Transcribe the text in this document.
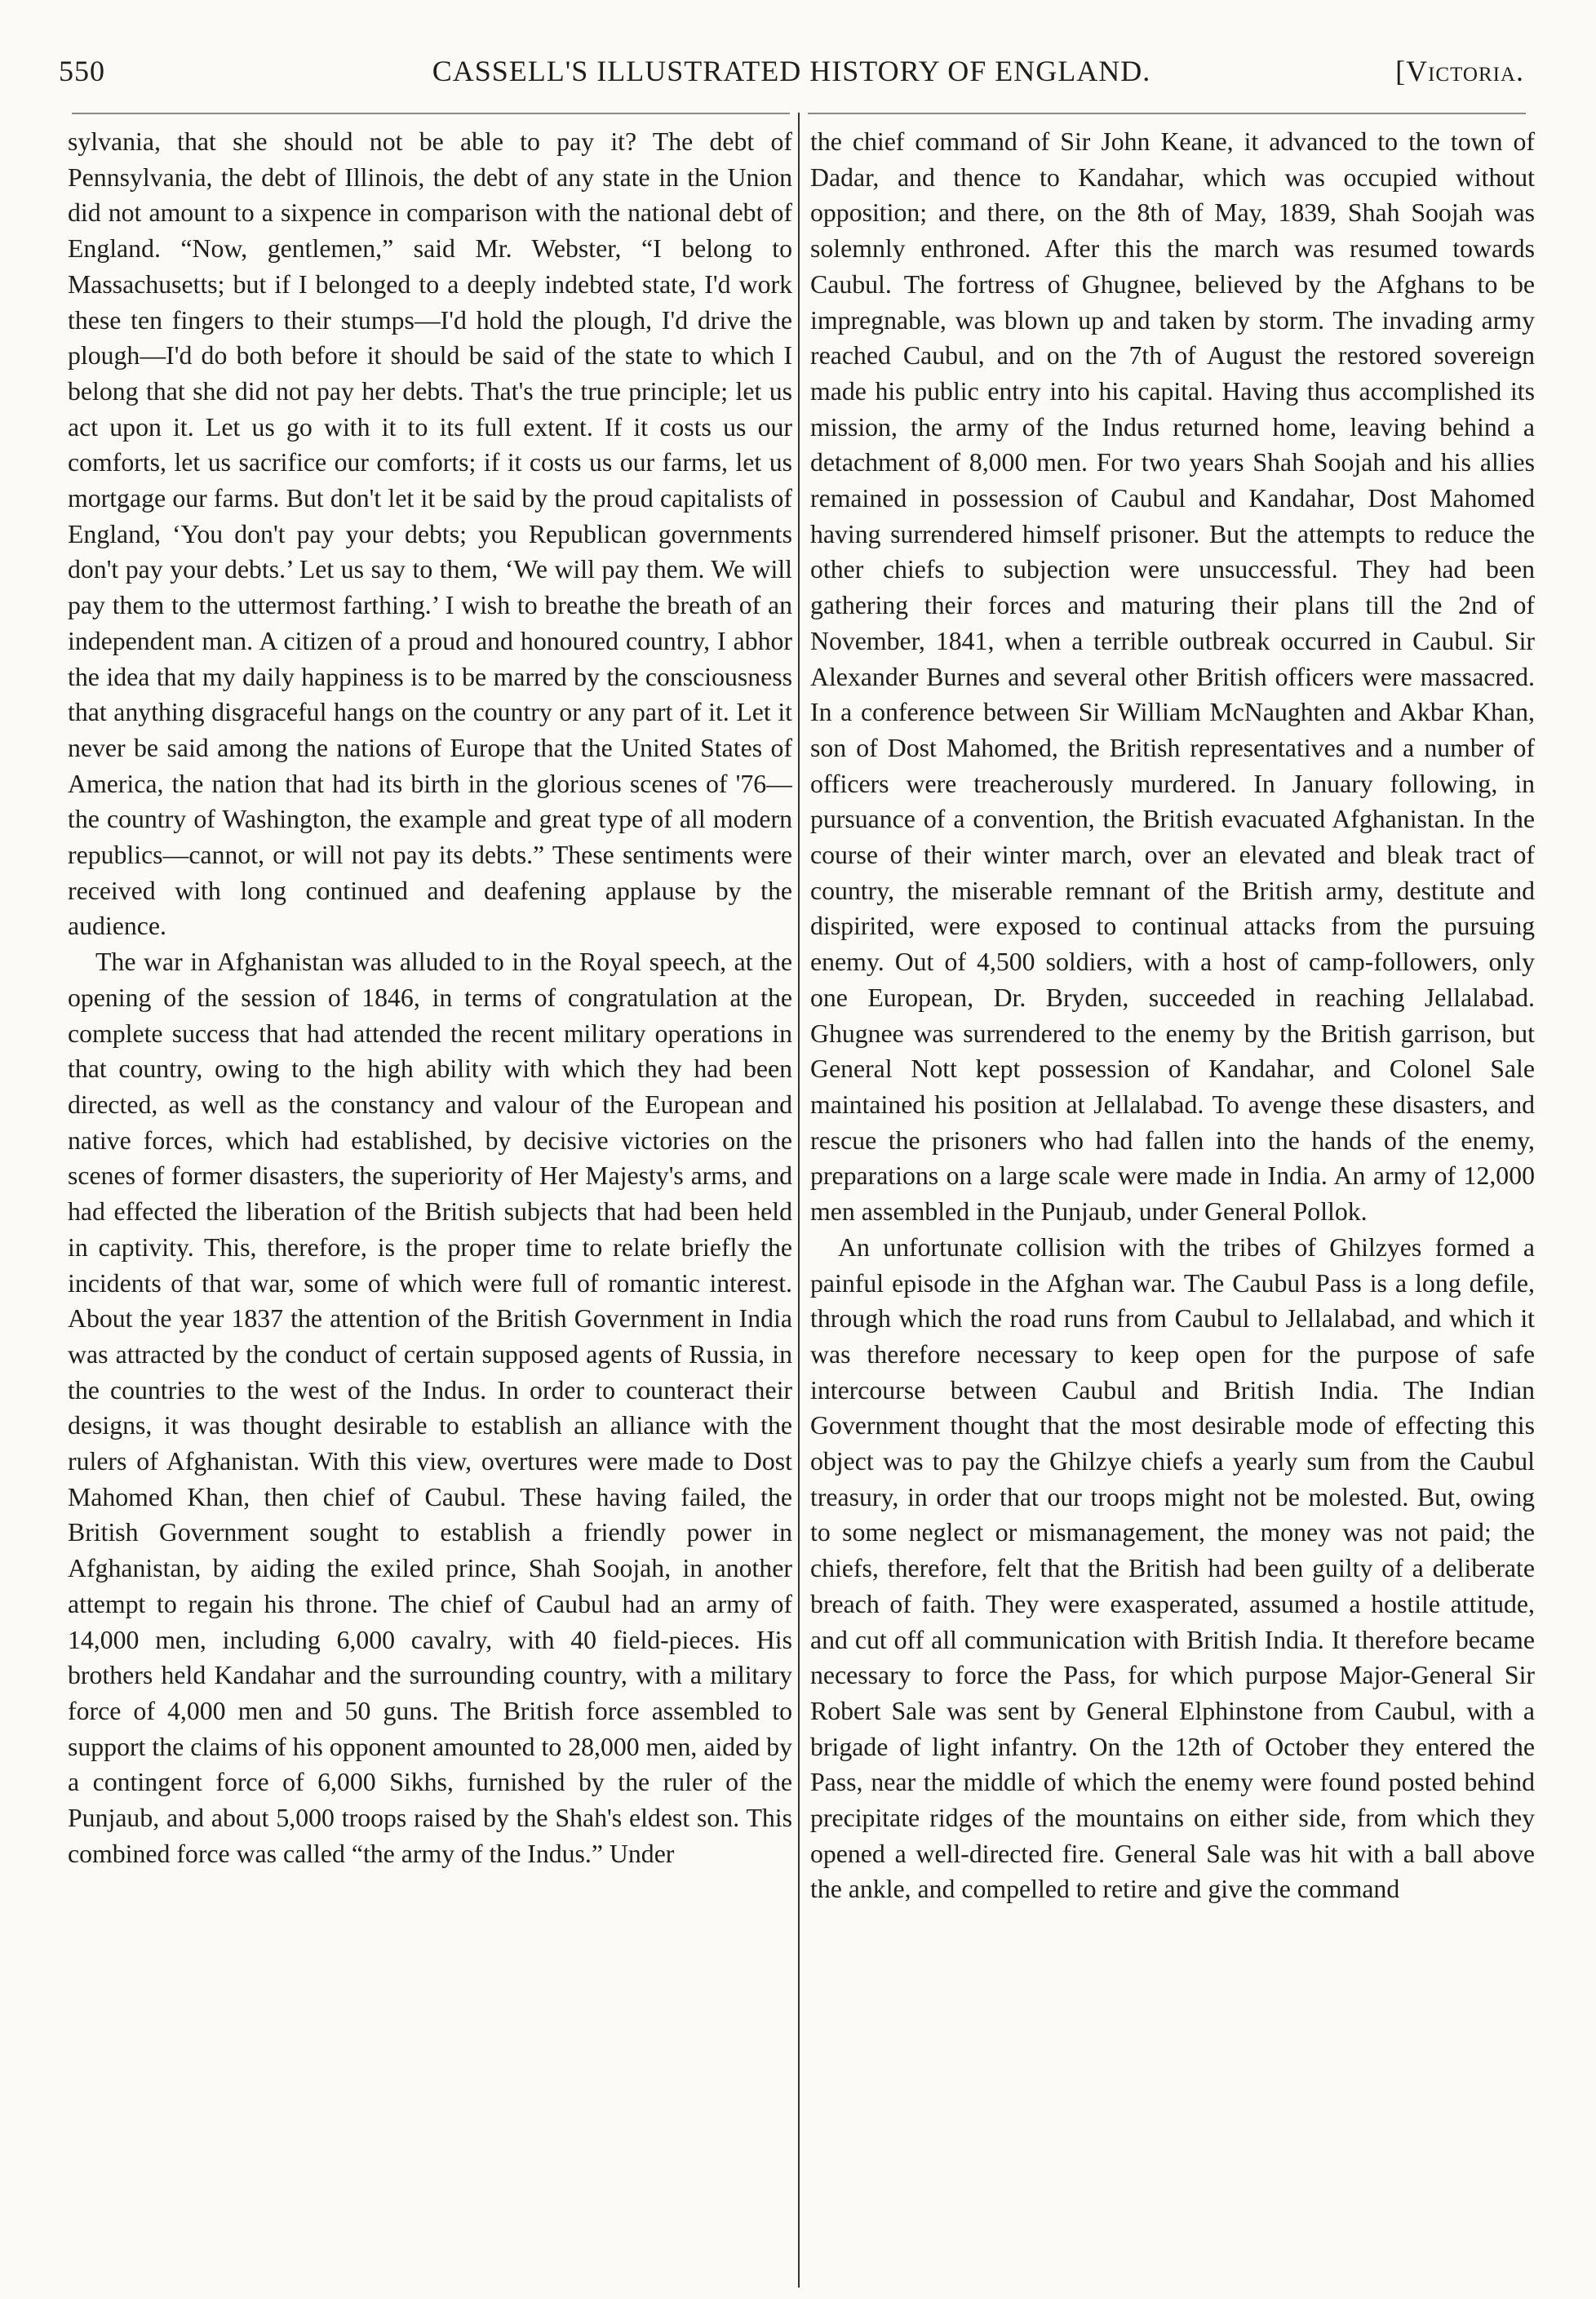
550	CASSELL'S ILLUSTRATED HISTORY OF ENGLAND.	[Victoria.

sylvania, that she should not be able to pay it? The debt of Pennsylvania, the debt of Illinois, the debt of any state in the Union did not amount to a sixpence in comparison with the national debt of England. “Now, gentlemen,” said Mr. Webster, “I belong to Massachusetts; but if I belonged to a deeply indebted state, I'd work these ten fingers to their stumps—I'd hold the plough, I'd drive the plough—I'd do both before it should be said of the state to which I belong that she did not pay her debts. That's the true principle; let us act upon it. Let us go with it to its full extent. If it costs us our comforts, let us sacrifice our comforts; if it costs us our farms, let us mortgage our farms. But don't let it be said by the proud capitalists of England, ‘You don't pay your debts; you Republican governments don't pay your debts.’ Let us say to them, ‘We will pay them. We will pay them to the uttermost farthing.’ I wish to breathe the breath of an independent man. A citizen of a proud and honoured country, I abhor the idea that my daily happiness is to be marred by the consciousness that anything disgraceful hangs on the country or any part of it. Let it never be said among the nations of Europe that the United States of America, the nation that had its birth in the glorious scenes of '76—the country of Washington, the example and great type of all modern republics—cannot, or will not pay its debts.” These sentiments were received with long continued and deafening applause by the audience.

The war in Afghanistan was alluded to in the Royal speech, at the opening of the session of 1846, in terms of congratulation at the complete success that had attended the recent military operations in that country, owing to the high ability with which they had been directed, as well as the constancy and valour of the European and native forces, which had established, by decisive victories on the scenes of former disasters, the superiority of Her Majesty's arms, and had effected the liberation of the British subjects that had been held in captivity. This, therefore, is the proper time to relate briefly the incidents of that war, some of which were full of romantic interest. About the year 1837 the attention of the British Government in India was attracted by the conduct of certain supposed agents of Russia, in the countries to the west of the Indus. In order to counteract their designs, it was thought desirable to establish an alliance with the rulers of Afghanistan. With this view, overtures were made to Dost Mahomed Khan, then chief of Caubul. These having failed, the British Government sought to establish a friendly power in Afghanistan, by aiding the exiled prince, Shah Soojah, in another attempt to regain his throne. The chief of Caubul had an army of 14,000 men, including 6,000 cavalry, with 40 field-pieces. His brothers held Kandahar and the surrounding country, with a military force of 4,000 men and 50 guns. The British force assembled to support the claims of his opponent amounted to 28,000 men, aided by a contingent force of 6,000 Sikhs, furnished by the ruler of the Punjaub, and about 5,000 troops raised by the Shah's eldest son. This combined force was called “the army of the Indus.” Under

the chief command of Sir John Keane, it advanced to the town of Dadar, and thence to Kandahar, which was occupied without opposition; and there, on the 8th of May, 1839, Shah Soojah was solemnly enthroned. After this the march was resumed towards Caubul. The fortress of Ghugnee, believed by the Afghans to be impregnable, was blown up and taken by storm. The invading army reached Caubul, and on the 7th of August the restored sovereign made his public entry into his capital. Having thus accomplished its mission, the army of the Indus returned home, leaving behind a detachment of 8,000 men. For two years Shah Soojah and his allies remained in possession of Caubul and Kandahar, Dost Mahomed having surrendered himself prisoner. But the attempts to reduce the other chiefs to subjection were unsuccessful. They had been gathering their forces and maturing their plans till the 2nd of November, 1841, when a terrible outbreak occurred in Caubul. Sir Alexander Burnes and several other British officers were massacred. In a conference between Sir William McNaughten and Akbar Khan, son of Dost Mahomed, the British representatives and a number of officers were treacherously murdered. In January following, in pursuance of a convention, the British evacuated Afghanistan. In the course of their winter march, over an elevated and bleak tract of country, the miserable remnant of the British army, destitute and dispirited, were exposed to continual attacks from the pursuing enemy. Out of 4,500 soldiers, with a host of camp-followers, only one European, Dr. Bryden, succeeded in reaching Jellalabad. Ghugnee was surrendered to the enemy by the British garrison, but General Nott kept possession of Kandahar, and Colonel Sale maintained his position at Jellalabad. To avenge these disasters, and rescue the prisoners who had fallen into the hands of the enemy, preparations on a large scale were made in India. An army of 12,000 men assembled in the Punjaub, under General Pollok.

An unfortunate collision with the tribes of Ghilzyes formed a painful episode in the Afghan war. The Caubul Pass is a long defile, through which the road runs from Caubul to Jellalabad, and which it was therefore necessary to keep open for the purpose of safe intercourse between Caubul and British India. The Indian Government thought that the most desirable mode of effecting this object was to pay the Ghilzye chiefs a yearly sum from the Caubul treasury, in order that our troops might not be molested. But, owing to some neglect or mismanagement, the money was not paid; the chiefs, therefore, felt that the British had been guilty of a deliberate breach of faith. They were exasperated, assumed a hostile attitude, and cut off all communication with British India. It therefore became necessary to force the Pass, for which purpose Major-General Sir Robert Sale was sent by General Elphinstone from Caubul, with a brigade of light infantry. On the 12th of October they entered the Pass, near the middle of which the enemy were found posted behind precipitate ridges of the mountains on either side, from which they opened a well-directed fire. General Sale was hit with a ball above the ankle, and compelled to retire and give the command
